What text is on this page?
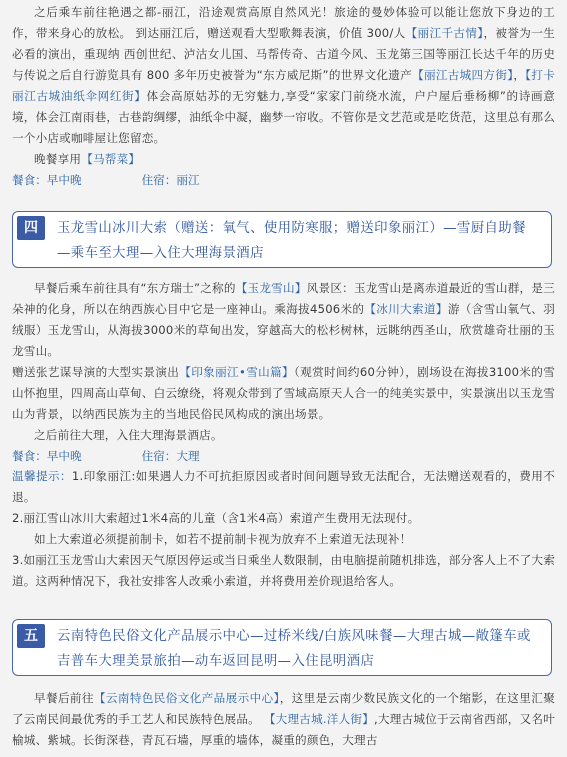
之后乘车前往艳遇之都-丽江，沿途观赏高原自然风光！旅途的曼妙体验可以能让您放下身边的工作，带来身心的放松。 到达丽江后，赠送观看大型歌舞表演，价值 300/人【丽江千古情】，被誉为一生必看的演出，重现纳 西创世纪、泸沽女儿国、马帮传奇、古道今风、玉龙第三国等丽江长达千年的历史与传说之后自行游览具有 800 多年历史被誉为“东方威尼斯”的世界文化遗产【丽江古城四方街】，【打卡丽江古城油纸伞网红街】体会高原姑苏的无穷魅力,享受“家家门前绕水流，户户屋后垂杨柳”的诗画意境，体会江南雨巷，古巷韵绸缪，油纸伞中凝，幽梦一帘收。不管你是文艺范或是吃货范，这里总有那么一个小店或咖啡屋让您留恋。

晚餐享用【马帮菜】

餐食：早中晚	住宿：丽江
四	玉龙雪山冰川大索（赠送：氧气、使用防寒服；赠送印象丽江）—雪厨自助餐—乘车至大理—入住大理海景酒店

早餐后乘车前往具有“东方瑞士”之称的【玉龙雪山】风景区：玉龙雪山是离赤道最近的雪山群，是三朵神的化身，所以在纳西族心目中它是一座神山。乘海拔4506米的【冰川大索道】游（含雪山氧气、羽绒服）玉龙雪山，从海拔3000米的草甸出发，穿越高大的松杉树林，远眺纳西圣山，欣赏雄奇壮丽的玉龙雪山。

赠送张艺谋导演的大型实景演出【印象丽江•雪山篇】（观赏时间约60分钟），剧场设在海拔3100米的雪山怀抱里，四周高山草甸、白云缭绕，将观众带到了雪域高原天人合一的纯美实景中，实景演出以玉龙雪山为背景，以纳西民族为主的当地民俗民风构成的演出场景。

之后前往大理，入住大理海景酒店。

餐食：早中晚	住宿：大理

温馨提示：1.印象丽江:如果遇人力不可抗拒原因或者时间问题导致无法配合，无法赠送观看的，费用不退。

2.丽江雪山冰川大索超过1米4高的儿童（含1米4高）索道产生费用无法现付。

如上大索道必须提前制卡，如若不提前制卡视为放弃不上索道无法现补！

3.如丽江玉龙雪山大索因天气原因停运或当日乘坐人数限制，由电脑提前随机排选，部分客人上不了大索道。这两种情况下，我社安排客人改乘小索道，并将费用差价现退给客人。

五	云南特色民俗文化产品展示中心—过桥米线/白族风味餐—大理古城—敞篷车或吉普车大理美景旅拍—动车返回昆明—入住昆明酒店

早餐后前往【云南特色民俗文化产品展示中心】，这里是云南少数民族文化的一个缩影，在这里汇聚了云南民间最优秀的手工艺人和民族特色展品。 【大理古城.洋人街】,大理古城位于云南省西部，又名叶榆城、紫城。长街深巷，青瓦石墙，厚重的墙体，凝重的颜色，大理古
